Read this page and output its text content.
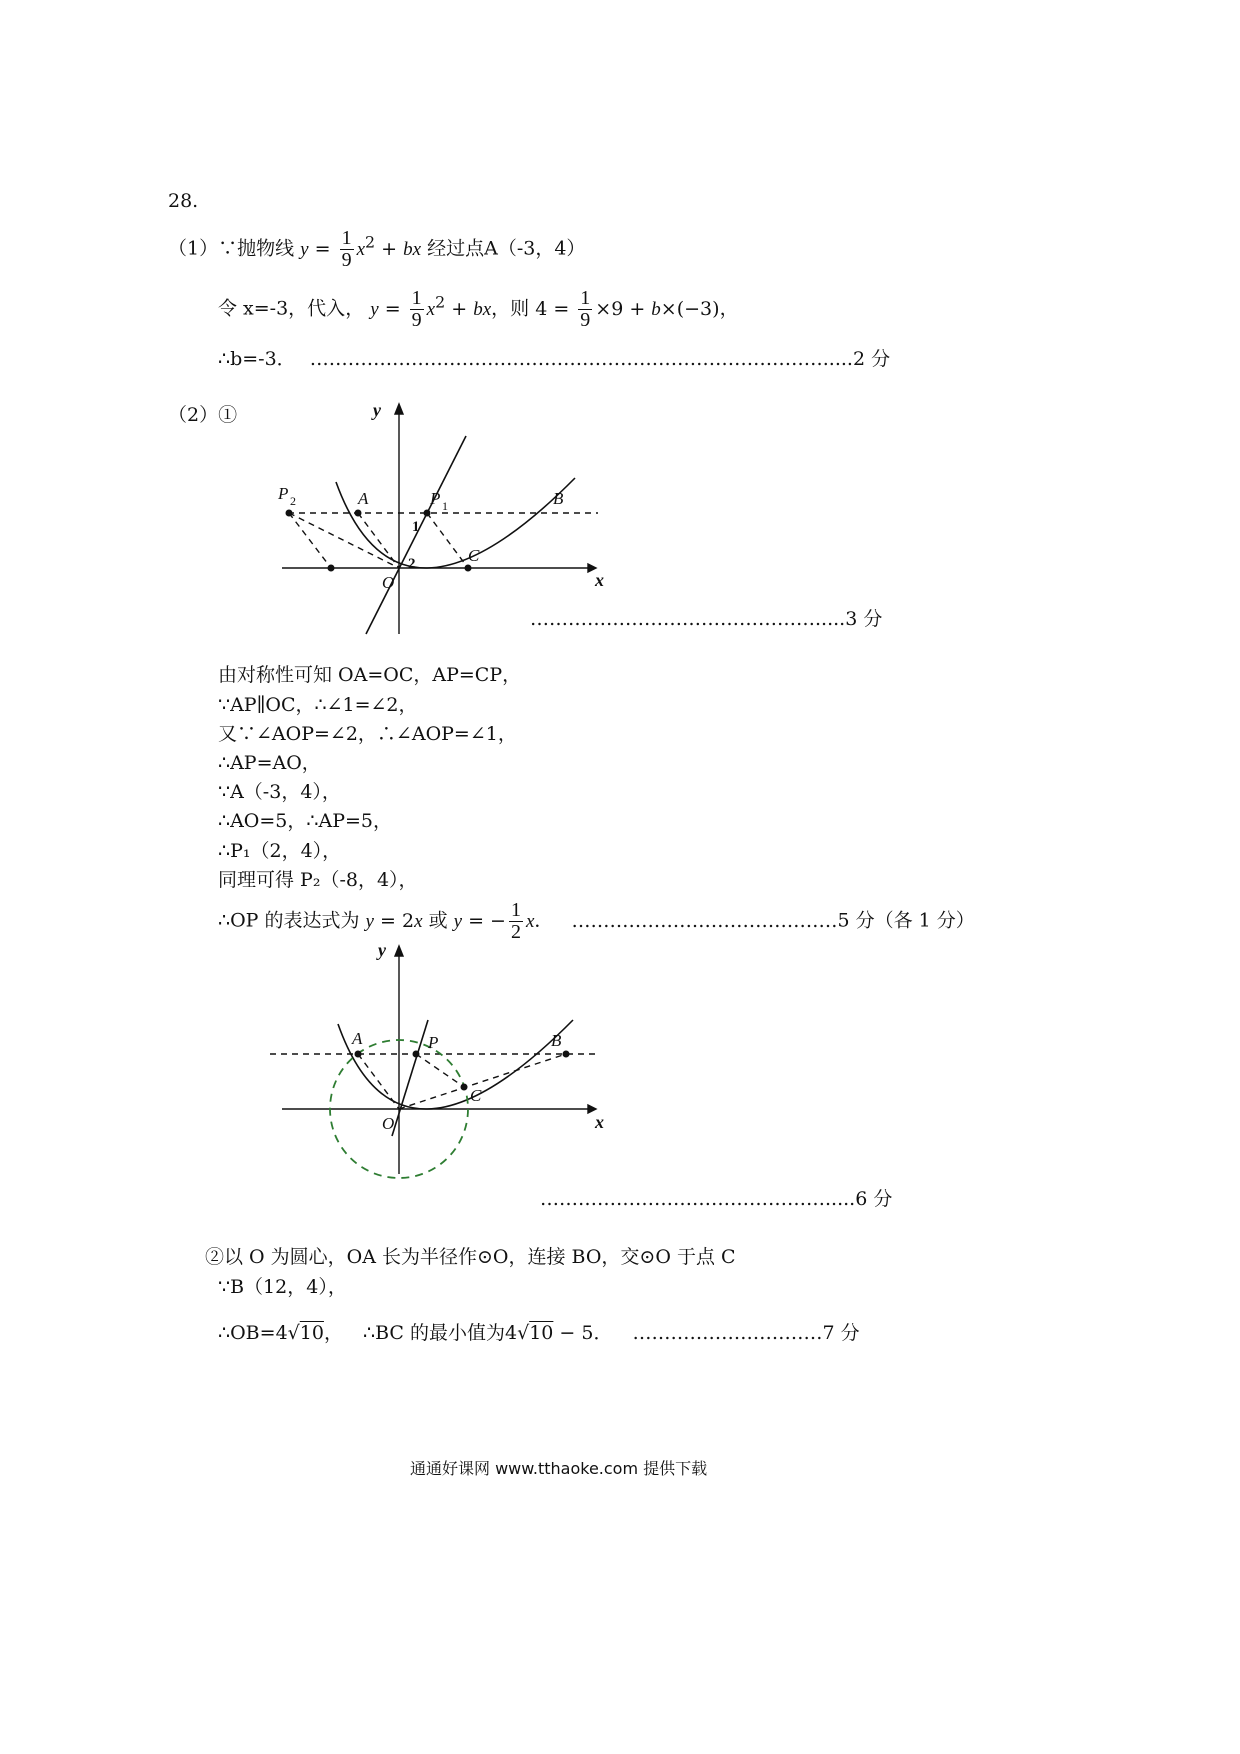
28.
（1）∵抛物线 $y = \frac{1}{9} x^2$ + bx 经过点A（-3，4）
令 x=-3，代入， $y = \frac{1}{9} x^2$ + bx，则 $4 = \frac{1}{9} \times 9 + b\times(-3)$，
∴b=-3． ……………………………………………………………………….....2 分
（2）①	y
x
O
A	B
C
P 2	P 1
1
2
……………………………………….....3 分
由对称性可知 OA=OC，AP=CP，
∵AP∥OC，∴∠1=∠2，
又∵∠AOP=∠2，∴∠AOP=∠1，
∴AP=AO，
∵A（-3，4），
∴AO=5，∴AP=5，
∴P₁（2，4），
同理可得 P₂（-8，4），
∴OP 的表达式为 y = 2x 或 y = − $\frac{1}{2}$ x． ……………………………………5 分（各 1 分）
y
x
O
A	P	B
C
……………………………………….....6 分
②以 O 为圆心，OA 长为半径作⊙O，连接 BO，交⊙O 于点 C
∵B（12，4），
∴OB=4√10， ∴BC 的最小值为4√10 − 5． …………………………7 分
通通好课网 www.tthaoke.com 提供下载
